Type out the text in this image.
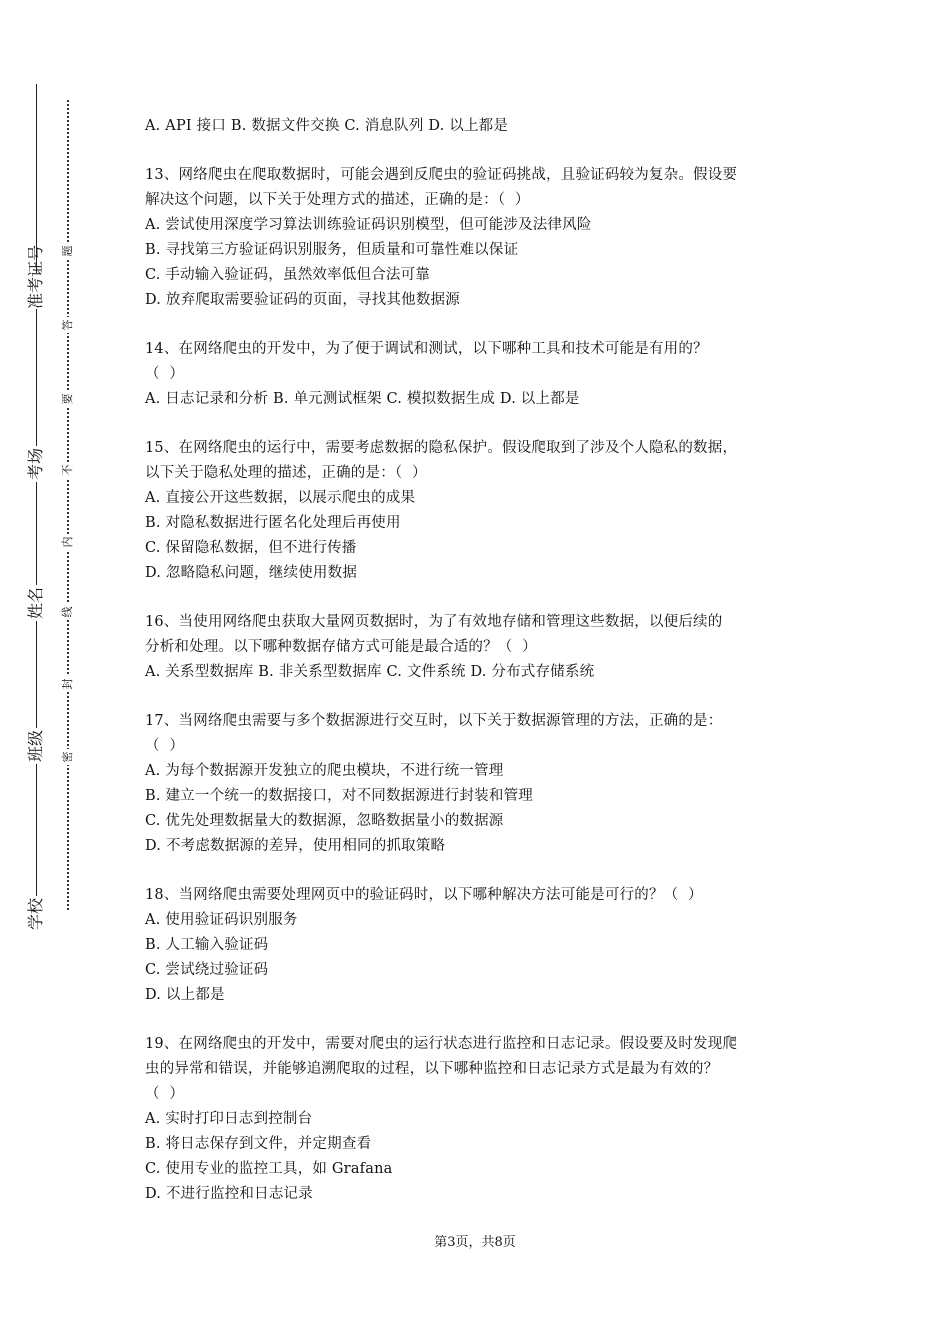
准考证号
考场
姓名
班级
学校
题
答
要
不
内
线
封
密
A. API 接口 B. 数据文件交换 C. 消息队列 D. 以上都是
13、网络爬虫在爬取数据时，可能会遇到反爬虫的验证码挑战，且验证码较为复杂。假设要
解决这个问题，以下关于处理方式的描述，正确的是：（  ）
A. 尝试使用深度学习算法训练验证码识别模型，但可能涉及法律风险
B. 寻找第三方验证码识别服务，但质量和可靠性难以保证
C. 手动输入验证码，虽然效率低但合法可靠
D. 放弃爬取需要验证码的页面，寻找其他数据源
14、在网络爬虫的开发中，为了便于调试和测试，以下哪种工具和技术可能是有用的？
（  ）
A. 日志记录和分析 B. 单元测试框架 C. 模拟数据生成 D. 以上都是
15、在网络爬虫的运行中，需要考虑数据的隐私保护。假设爬取到了涉及个人隐私的数据，
以下关于隐私处理的描述，正确的是：（  ）
A. 直接公开这些数据，以展示爬虫的成果
B. 对隐私数据进行匿名化处理后再使用
C. 保留隐私数据，但不进行传播
D. 忽略隐私问题，继续使用数据
16、当使用网络爬虫获取大量网页数据时，为了有效地存储和管理这些数据，以便后续的
分析和处理。以下哪种数据存储方式可能是最合适的？（  ）
A. 关系型数据库 B. 非关系型数据库 C. 文件系统 D. 分布式存储系统
17、当网络爬虫需要与多个数据源进行交互时，以下关于数据源管理的方法，正确的是：
（  ）
A. 为每个数据源开发独立的爬虫模块，不进行统一管理
B. 建立一个统一的数据接口，对不同数据源进行封装和管理
C. 优先处理数据量大的数据源，忽略数据量小的数据源
D. 不考虑数据源的差异，使用相同的抓取策略
18、当网络爬虫需要处理网页中的验证码时，以下哪种解决方法可能是可行的？（  ）
A. 使用验证码识别服务
B. 人工输入验证码
C. 尝试绕过验证码
D. 以上都是
19、在网络爬虫的开发中，需要对爬虫的运行状态进行监控和日志记录。假设要及时发现爬
虫的异常和错误，并能够追溯爬取的过程，以下哪种监控和日志记录方式是最为有效的？
（  ）
A. 实时打印日志到控制台
B. 将日志保存到文件，并定期查看
C. 使用专业的监控工具，如 Grafana
D. 不进行监控和日志记录
第3页，共8页
